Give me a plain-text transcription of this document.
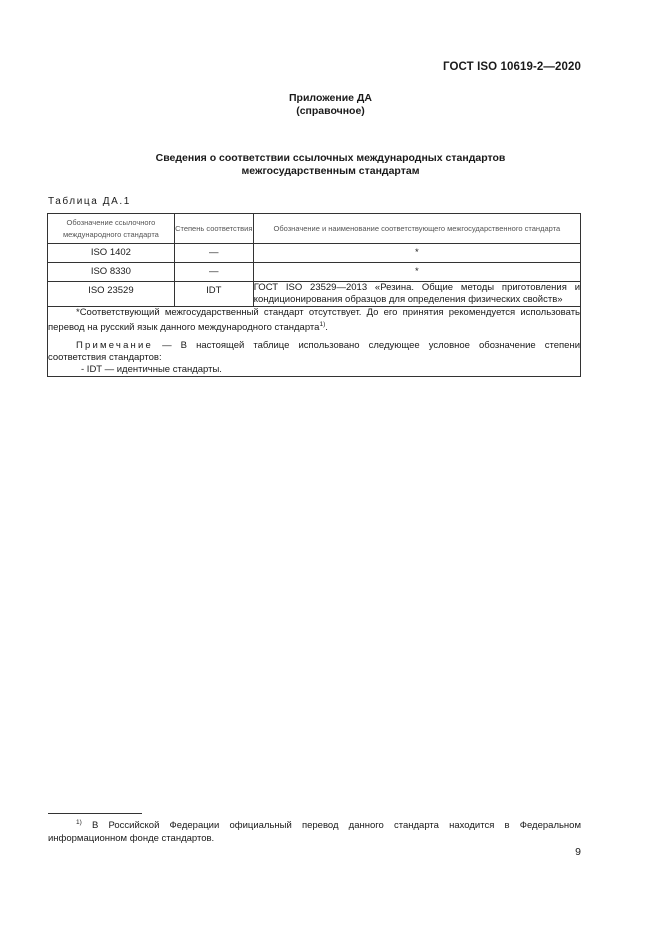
ГОСТ ISO 10619-2—2020
Приложение ДА
(справочное)
Сведения о соответствии ссылочных международных стандартов
межгосударственным стандартам
Таблица ДА.1
Обозначение ссылочного международного стандарта	Степень соответствия	Обозначение и наименование соответствующего межгосударственного стандарта
ISO 1402	—	*
ISO 8330	—	*
ISO 23529	IDT	ГОСТ ISO 23529—2013 «Резина. Общие методы приготовления и кондиционирования образцов для определения физических свойств»

*Соответствующий межгосударственный стандарт отсутствует. До его принятия рекомендуется использовать перевод на русский язык данного международного стандарта$^{1)}$.

Примечание — В настоящей таблице использовано следующее условное обозначение степени соответствия стандартов:

- IDT — идентичные стандарты.		

$^{1)}$ В Российской Федерации официальный перевод данного стандарта находится в Федеральном информационном фонде стандартов.
9
